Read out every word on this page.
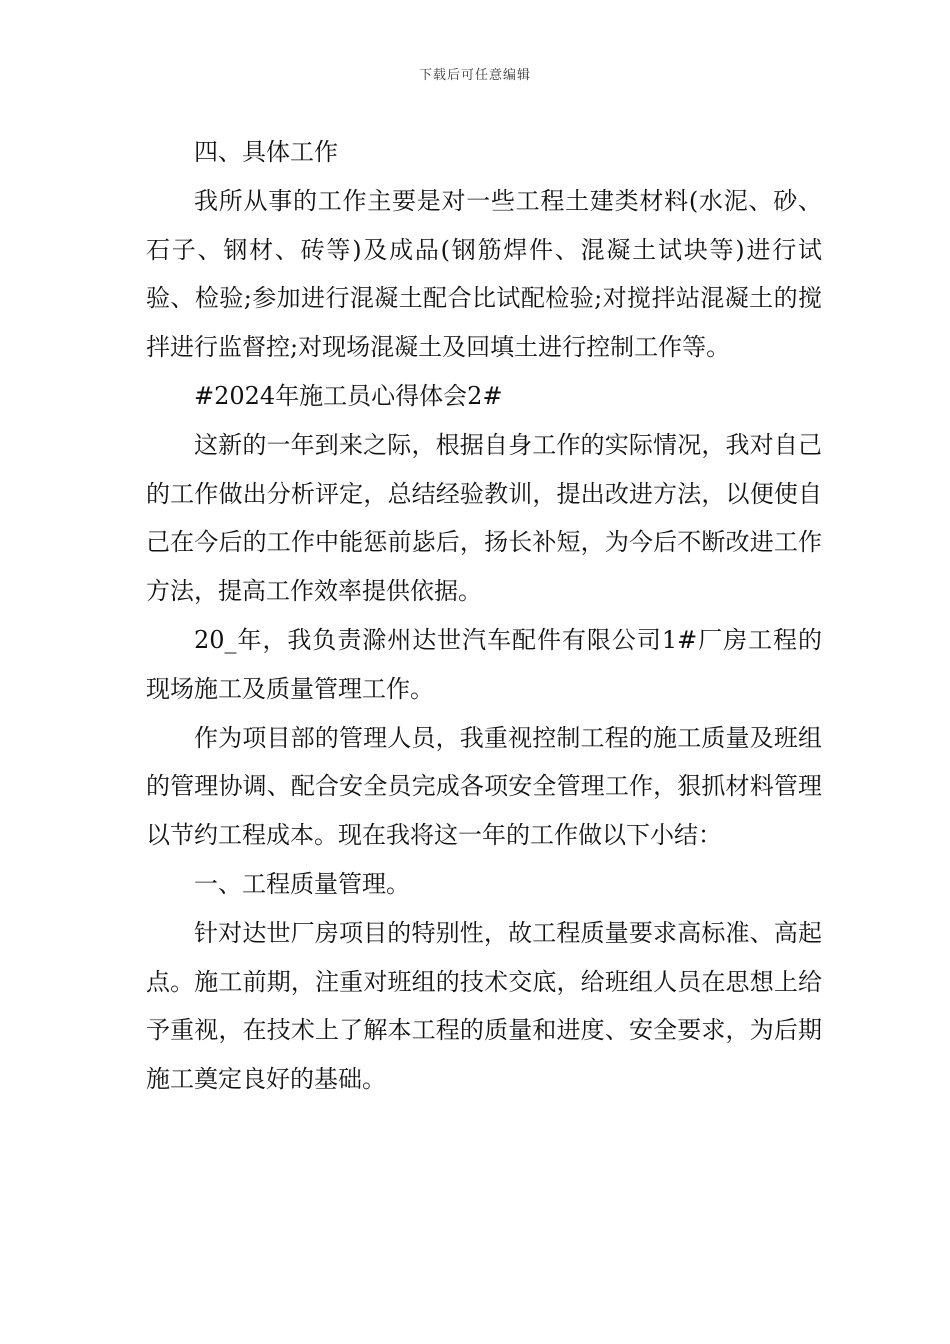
下载后可任意编辑

四、具体工作

我所从事的工作主要是对一些工程土建类材料(水泥、砂、石子、钢材、砖等)及成品(钢筋焊件、混凝土试块等)进行试验、检验;参加进行混凝土配合比试配检验;对搅拌站混凝土的搅拌进行监督控;对现场混凝土及回填土进行控制工作等。

#2024年施工员心得体会2#

这新的一年到来之际，根据自身工作的实际情况，我对自己的工作做出分析评定，总结经验教训，提出改进方法，以便使自己在今后的工作中能惩前毖后，扬长补短，为今后不断改进工作方法，提高工作效率提供依据。

20_年，我负责滁州达世汽车配件有限公司1#厂房工程的现场施工及质量管理工作。

作为项目部的管理人员，我重视控制工程的施工质量及班组的管理协调、配合安全员完成各项安全管理工作，狠抓材料管理以节约工程成本。现在我将这一年的工作做以下小结：

一、工程质量管理。

针对达世厂房项目的特别性，故工程质量要求高标准、高起点。施工前期，注重对班组的技术交底，给班组人员在思想上给予重视，在技术上了解本工程的质量和进度、安全要求，为后期施工奠定良好的基础。
